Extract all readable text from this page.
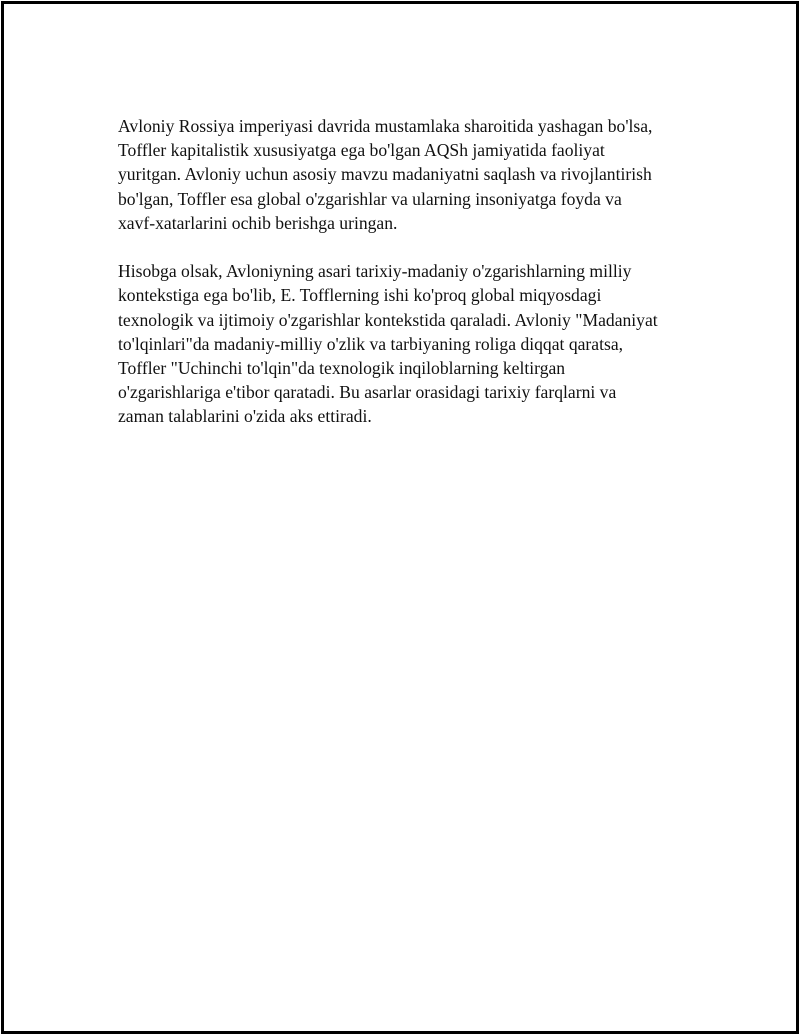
Avloniy Rossiya imperiyasi davrida mustamlaka sharoitida yashagan bo'lsa,
Toffler kapitalistik xususiyatga ega bo'lgan AQSh jamiyatida faoliyat
yuritgan. Avloniy uchun asosiy mavzu madaniyatni saqlash va rivojlantirish
bo'lgan, Toffler esa global o'zgarishlar va ularning insoniyatga foyda va
xavf-xatarlarini ochib berishga uringan.

Hisobga olsak, Avloniyning asari tarixiy-madaniy o'zgarishlarning milliy
kontekstiga ega bo'lib, E. Tofflerning ishi ko'proq global miqyosdagi
texnologik va ijtimoiy o'zgarishlar kontekstida qaraladi. Avloniy "Madaniyat
to'lqinlari"da madaniy-milliy o'zlik va tarbiyaning roliga diqqat qaratsa,
Toffler "Uchinchi to'lqin"da texnologik inqiloblarning keltirgan
o'zgarishlariga e'tibor qaratadi. Bu asarlar orasidagi tarixiy farqlarni va
zaman talablarini o'zida aks ettiradi.
